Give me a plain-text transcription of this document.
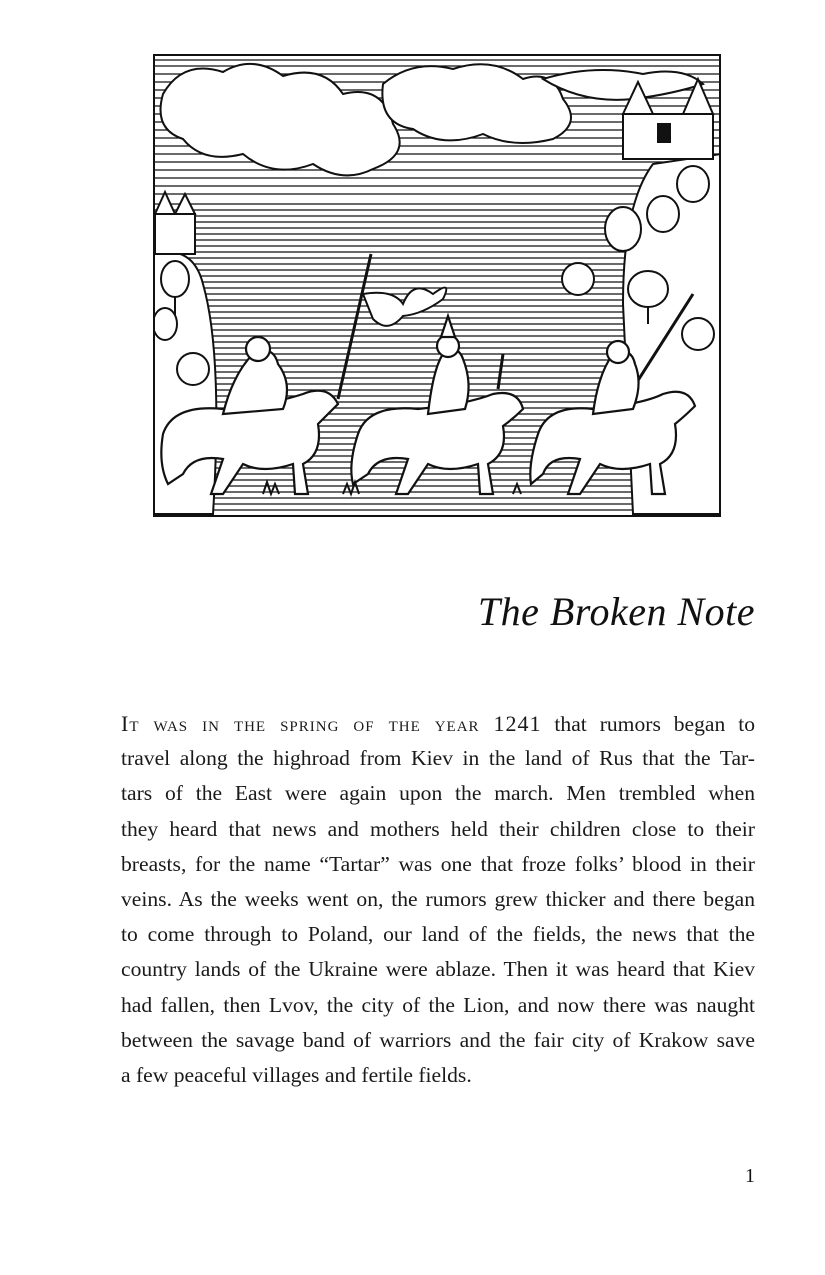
The Broken Note
It was in the spring of the year 1241 that rumors began to
travel along the highroad from Kiev in the land of Rus that the Tar-
tars of the East were again upon the march. Men trembled when
they heard that news and mothers held their children close to their
breasts, for the name “Tartar” was one that froze folks’ blood in their
veins. As the weeks went on, the rumors grew thicker and there began
to come through to Poland, our land of the fields, the news that the
country lands of the Ukraine were ablaze. Then it was heard that Kiev
had fallen, then Lvov, the city of the Lion, and now there was naught
between the savage band of warriors and the fair city of Krakow save
a few peaceful villages and fertile fields.
1
